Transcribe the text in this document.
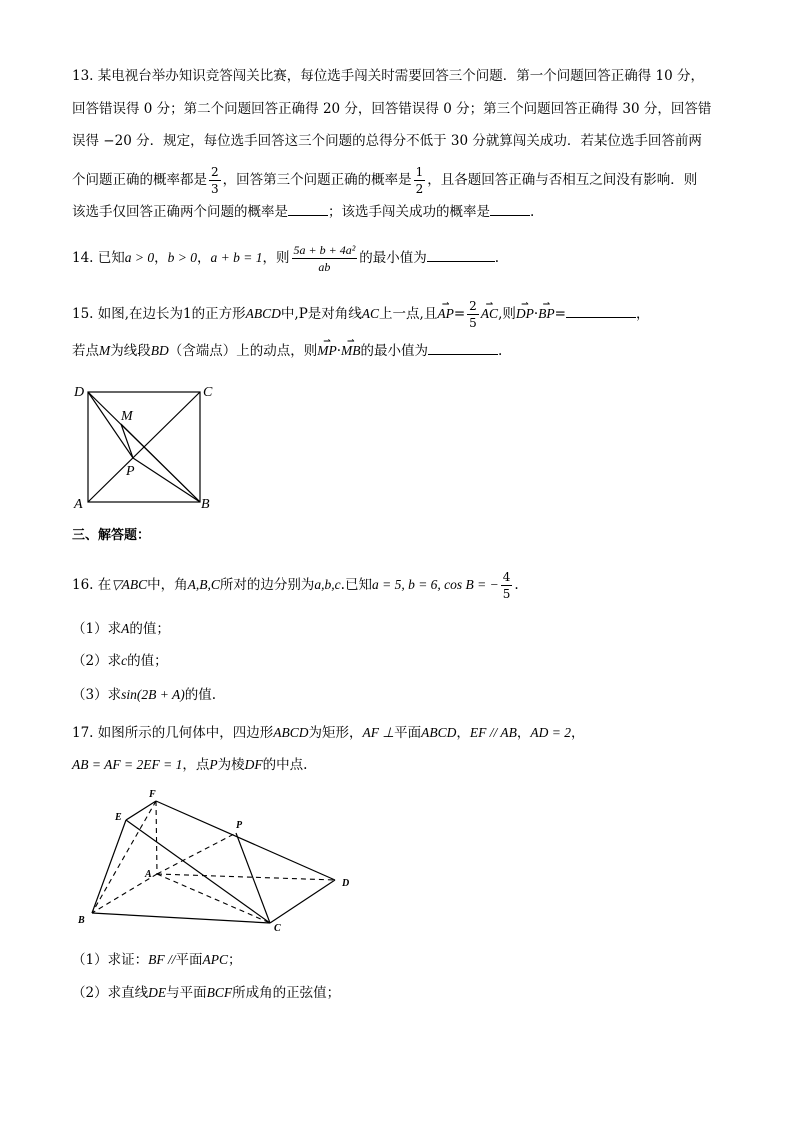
13. 某电视台举办知识竞答闯关比赛，每位选手闯关时需要回答三个问题．第一个问题回答正确得 10 分，
回答错误得 0 分；第二个问题回答正确得 20 分，回答错误得 0 分；第三个问题回答正确得 30 分，回答错
误得 −20 分．规定，每位选手回答这三个问题的总得分不低于 30 分就算闯关成功．若某位选手回答前两
个问题正确的概率都是 $\frac{2}{3}$ ，回答第三个问题正确的概率是 $\frac{1}{2}$ ，且各题回答正确与否相互之间没有影响．则
该选手仅回答正确两个问题的概率是	；该选手闯关成功的概率是	.
14. 已知a > 0，b > 0，a + b = 1，则 $\frac{\text{5a + b + 4a²}}{ab}$ 的最小值为	.
15. 如图,在边长为1的正方形ABCD中,P是对角线AC上一点,且⇀ $AP= \frac{2}{5}$
⇀ AC,则⇀ DP·⇀ BP=	，
若点M为线段BD（含端点）上的动点，则⇀ MP·⇀ MB的最小值为	.
D	C
A	B
M
P
三、解答题：
16. 在▽ABC中，角A,B,C所对的边分别为a,b,c.已知a = 5, b = 6, cos B = − $\frac{4}{5}$ .
（1）求A的值；
（2）求c的值；
（3）求sin(2B + A)的值.
17. 如图所示的几何体中，四边形ABCD为矩形，AF ⊥平面ABCD，EF // AB，AD = 2，
AB = AF = 2EF = 1，点P为棱DF的中点.
F
E
P
A
D
B
C
（1）求证：BF //平面APC；
（2）求直线DE与平面BCF所成角的正弦值；
